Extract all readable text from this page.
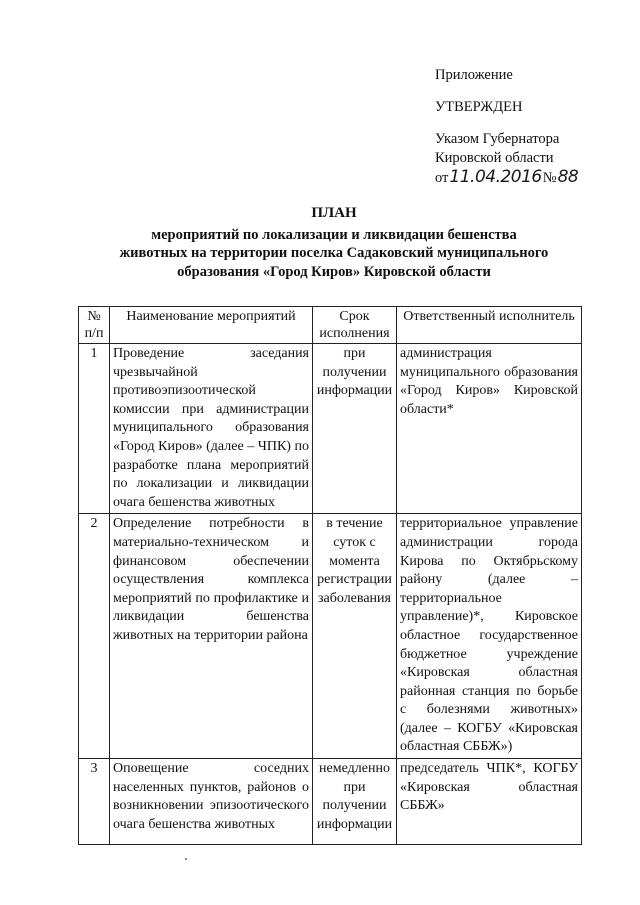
Приложение
УТВЕРЖДЕН
Указом Губернатора
Кировской области
от 11.04.2016 № 88
ПЛАН
мероприятий по локализации и ликвидации бешенства
животных на территории поселка Садаковский муниципального
образования «Город Киров» Кировской области
№ п/п	Наименование мероприятий	Срок исполнения	Ответственный исполнитель
1	Проведение заседания чрезвычайной противоэпизоотической комиссии при администрации муниципального образования «Город Киров» (далее – ЧПК) по разработке плана мероприятий по локализации и ликвидации очага бешенства животных	при получении информации	администрация муниципального образования «Город Киров» Кировской области*
2	Определение потребности в материально-техническом и финансовом обеспечении осуществления комплекса мероприятий по профилактике и ликвидации бешенства животных на территории района	в течение суток с момента регистрации заболевания	территориальное управление администрации города Кирова по Октябрьскому району (далее – территориальное управление)*, Кировское областное государственное бюджетное учреждение «Кировская областная районная станция по борьбе с болезнями животных» (далее – КОГБУ «Кировская областная СББЖ»)
3	Оповещение соседних населенных пунктов, районов о возникновении эпизоотического очага бешенства животных	немедленно при получении информации	председатель ЧПК*, КОГБУ «Кировская областная СББЖ»
